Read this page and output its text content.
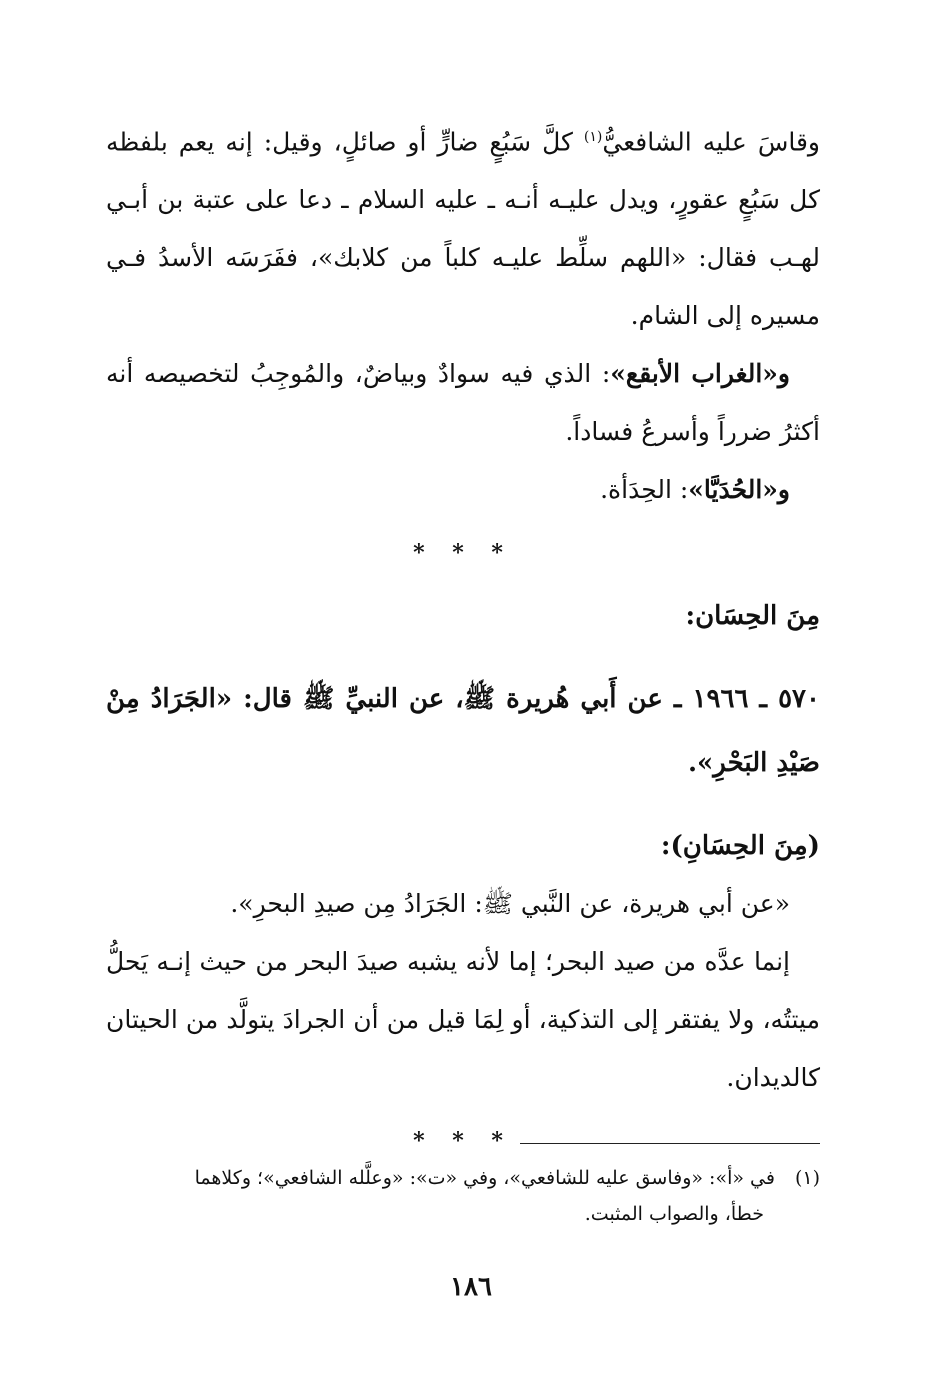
وقاسَ عليه الشافعيُّ$^{(١)}$ كلَّ سَبُعٍ ضارٍّ أو صائلٍ، وقيل: إنه يعم بلفظه كل سَبُعٍ عقورٍ، ويدل عليـه أنـه ـ عليه السلام ـ دعا على عتبة بن أبـي لهـب فقال: «اللهم سلِّط عليـه كلباً من كلابك»، ففَرَسَه الأسدُ فـي مسيره إلى الشام.

و«الغراب الأبقع»: الذي فيه سوادٌ وبياضٌ، والمُوجِبُ لتخصيصه أنه أكثرُ ضرراً وأسرعُ فساداً.

و«الحُدَيَّا»: الحِدَأة.

* * *

مِنَ الحِسَان:

٥٧٠ ـ ١٩٦٦ ـ عن أَبي هُريرة ﷺ، عن النبيِّ ﷺ قال: «الجَرَادُ مِنْ صَيْدِ البَحْرِ».

(مِنَ الحِسَانِ):

«عن أبي هريرة، عن النَّبي ﷺ: الجَرَادُ مِن صيدِ البحرِ».

إنما عدَّه من صيد البحر؛ إما لأنه يشبه صيدَ البحر من حيث إنـه يَحلُّ ميتتُه، ولا يفتقر إلى التذكية، أو لِمَا قيل من أن الجرادَ يتولَّد من الحيتان كالديدان.

* * *
(١)في «أ»: «وفاسق عليه للشافعي»، وفي «ت»: «وعلَّله الشافعي»؛ وكلاهما
خطأ، والصواب المثبت.
١٨٦
